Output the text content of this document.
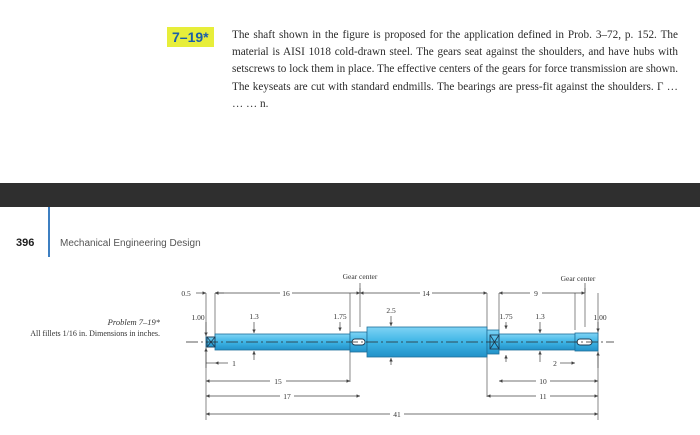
7–19*	The shaft shown in the figure is proposed for the application defined in Prob. 3–72, p. 152. The material is AISI 1018 cold-drawn steel. The gears seat against the shoulders, and have hubs with setscrews to lock them in place. The effective centers of the gears for force transmission are shown. The keyseats are cut with standard endmills. The bearings are press-fit against the shoulders. Γ … … … n.

396	Mechanical Engineering Design
Problem 7–19*
All fillets 1/16 in. Dimensions in inches.
Gear center	Gear center
0.5	16	14	9
1.00	1.3	1.75
2.5
1.75	1.3	1.00
1	2
15	10
17	11
41
